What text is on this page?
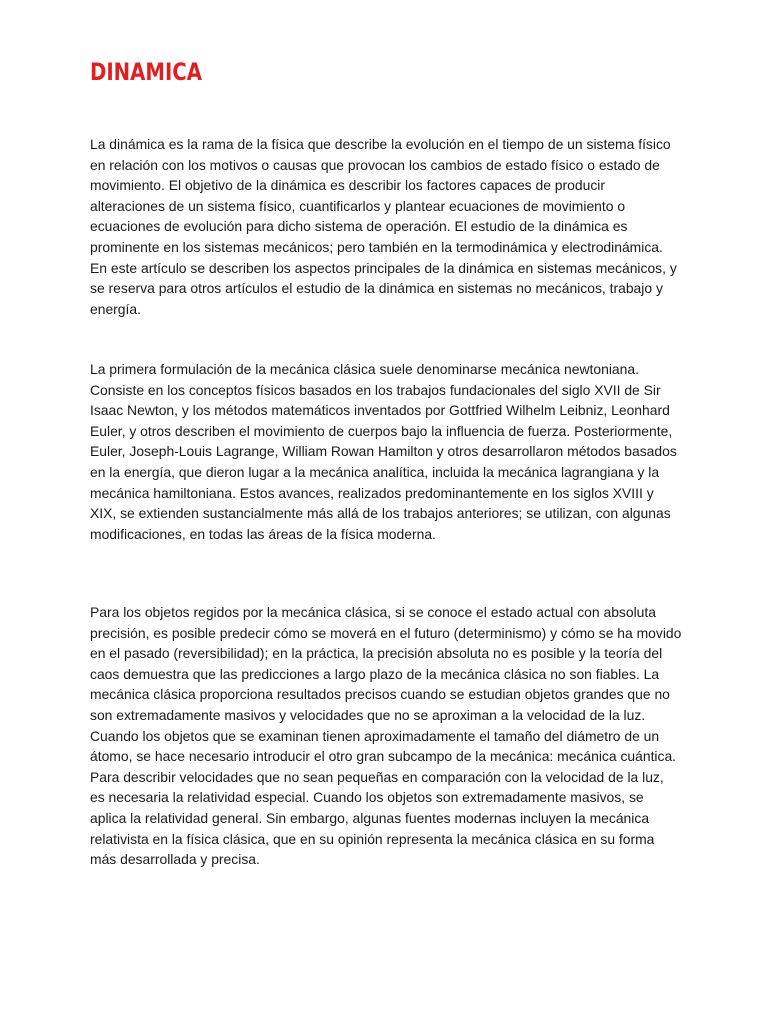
DINAMICA

La dinámica es la rama de la física que describe la evolución en el tiempo de un sistema físico en relación con los motivos o causas que provocan los cambios de estado físico o estado de movimiento. El objetivo de la dinámica es describir los factores capaces de producir alteraciones de un sistema físico, cuantificarlos y plantear ecuaciones de movimiento o ecuaciones de evolución para dicho sistema de operación. El estudio de la dinámica es prominente en los sistemas mecánicos; pero también en la termodinámica y electrodinámica. En este artículo se describen los aspectos principales de la dinámica en sistemas mecánicos, y se reserva para otros artículos el estudio de la dinámica en sistemas no mecánicos, trabajo y energía.

La primera formulación de la mecánica clásica suele denominarse mecánica newtoniana. Consiste en los conceptos físicos basados en los trabajos fundacionales del siglo XVII de Sir Isaac Newton, y los métodos matemáticos inventados por Gottfried Wilhelm Leibniz, Leonhard Euler, y otros describen el movimiento de cuerpos bajo la influencia de fuerza. Posteriormente, Euler, Joseph-Louis Lagrange, William Rowan Hamilton y otros desarrollaron métodos basados en la energía, que dieron lugar a la mecánica analítica, incluida la mecánica lagrangiana y la mecánica hamiltoniana. Estos avances, realizados predominantemente en los siglos XVIII y XIX, se extienden sustancialmente más allá de los trabajos anteriores; se utilizan, con algunas modificaciones, en todas las áreas de la física moderna.

Para los objetos regidos por la mecánica clásica, si se conoce el estado actual con absoluta precisión, es posible predecir cómo se moverá en el futuro (determinismo) y cómo se ha movido en el pasado (reversibilidad); en la práctica, la precisión absoluta no es posible y la teoría del caos demuestra que las predicciones a largo plazo de la mecánica clásica no son fiables. La mecánica clásica proporciona resultados precisos cuando se estudian objetos grandes que no son extremadamente masivos y velocidades que no se aproximan a la velocidad de la luz. Cuando los objetos que se examinan tienen aproximadamente el tamaño del diámetro de un átomo, se hace necesario introducir el otro gran subcampo de la mecánica: mecánica cuántica. Para describir velocidades que no sean pequeñas en comparación con la velocidad de la luz, es necesaria la relatividad especial. Cuando los objetos son extremadamente masivos, se aplica la relatividad general. Sin embargo, algunas fuentes modernas incluyen la mecánica relativista en la física clásica, que en su opinión representa la mecánica clásica en su forma más desarrollada y precisa.
